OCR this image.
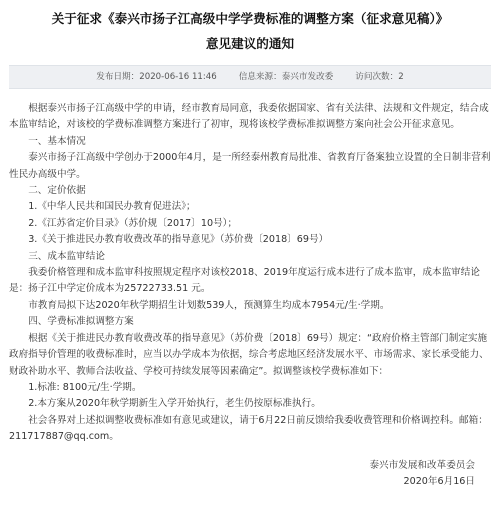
关于征求《泰兴市扬子江高级中学学费标准的调整方案（征求意见稿）》
意见建议的通知
发布日期：2020-06-16 11:46	信息来源：泰兴市发改委	访问次数：2

根据泰兴市扬子江高级中学的申请，经市教育局同意，我委依据国家、省有关法律、法规和文件规定，结合成本监审结论，对该校的学费标准调整方案进行了初审，现将该校学费标准拟调整方案向社会公开征求意见。

一、基本情况

泰兴市扬子江高级中学创办于2000年4月，是一所经泰州教育局批准、省教育厅备案独立设置的全日制非营利性民办高级中学。

二、定价依据

1.《中华人民共和国民办教育促进法》；

2.《江苏省定价目录》（苏价规〔2017〕10号）；

3.《关于推进民办教育收费改革的指导意见》（苏价费〔2018〕69号）

三、成本监审结论

我委价格管理和成本监审科按照规定程序对该校2018、2019年度运行成本进行了成本监审，成本监审结论是：扬子江中学定价成本为25722733.51 元。

市教育局拟下达2020年秋学期招生计划数539人，预测算生均成本7954元/生·学期。

四、学费标准拟调整方案

根据《关于推进民办教育收费改革的指导意见》（苏价费〔2018〕69号）规定：“政府价格主管部门制定实施政府指导价管理的收费标准时，应当以办学成本为依据，综合考虑地区经济发展水平、市场需求、家长承受能力、财政补助水平、教师合法收益、学校可持续发展等因素确定”。拟调整该校学费标准如下：

1.标准: 8100元/生·学期。

2.本方案从2020年秋学期新生入学开始执行，老生仍按原标准执行。

社会各界对上述拟调整收费标准如有意见或建议，请于6月22日前反馈给我委收费管理和价格调控科。邮箱：211717887@qq.com。

泰兴市发展和改革委员会

2020年6月16日
